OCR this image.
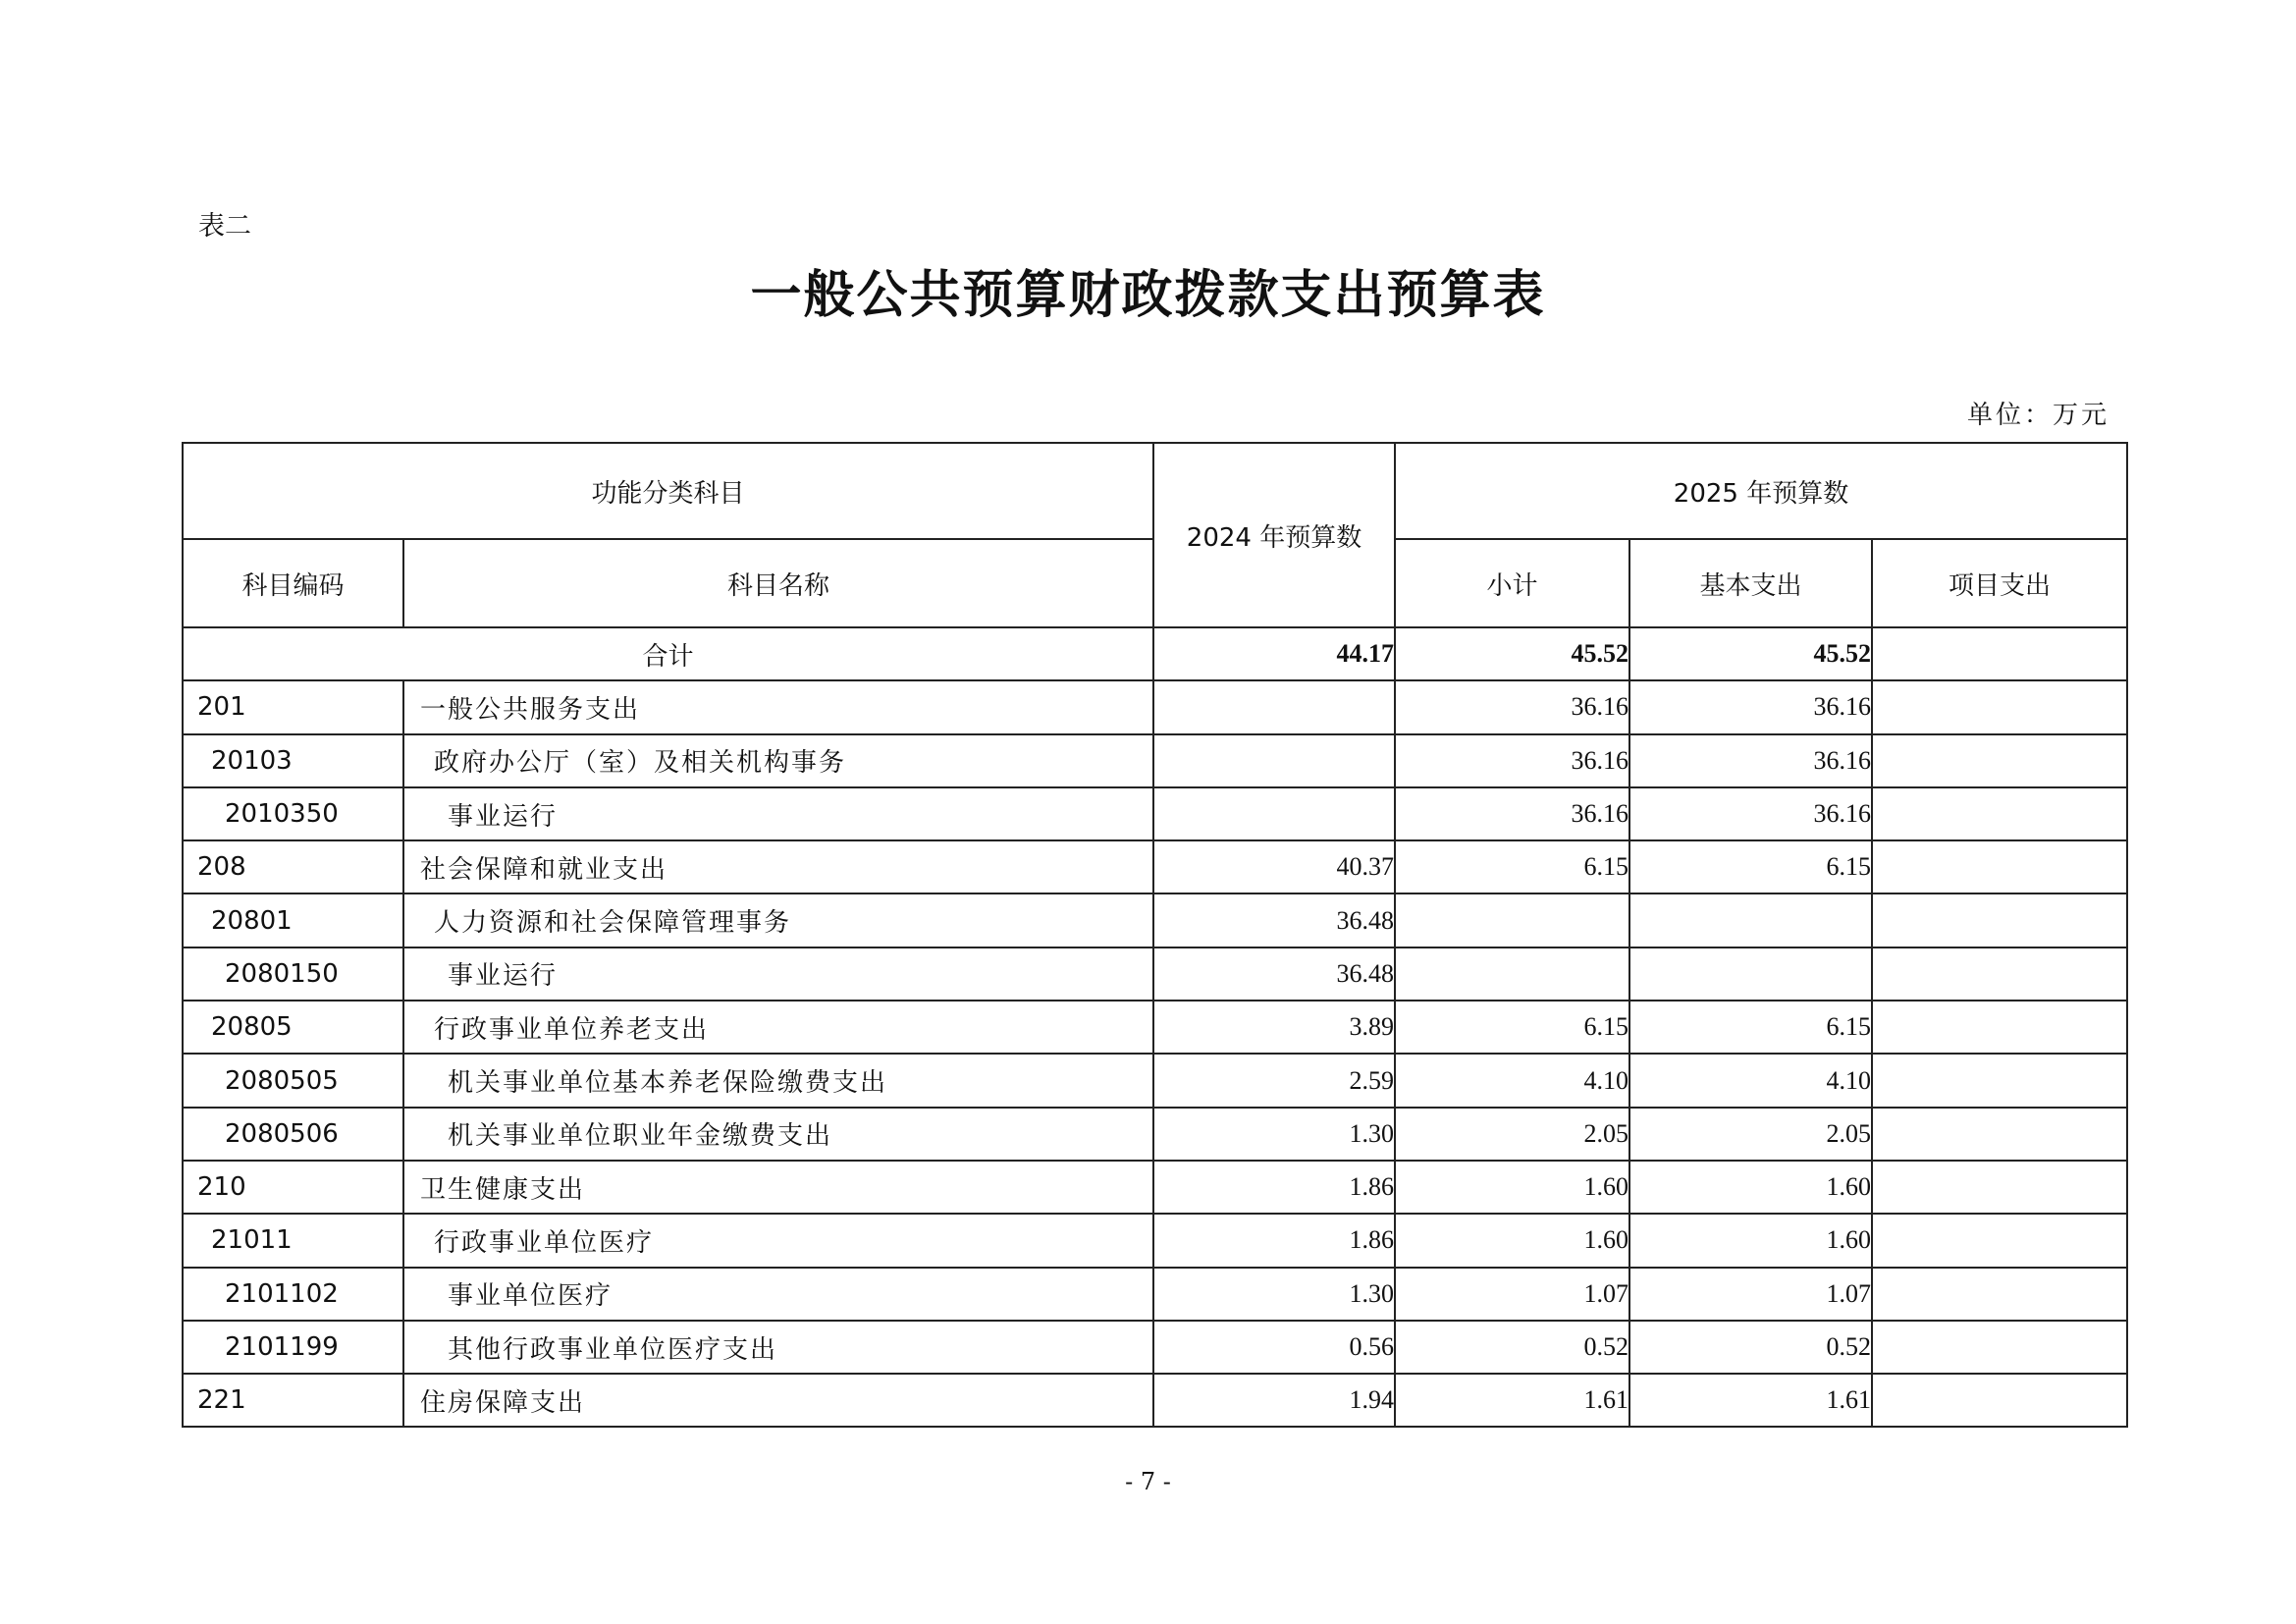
表二
一般公共预算财政拨款支出预算表
单位：万元
功能分类科目		2024 年预算数	2025 年预算数		
科目编码	科目名称		小计	基本支出	项目支出
合计		44.17	45.52	45.52	
201	一般公共服务支出		36.16	36.16	
20103	政府办公厅（室）及相关机构事务		36.16	36.16	
2010350	事业运行		36.16	36.16	
208	社会保障和就业支出	40.37	6.15	6.15	
20801	人力资源和社会保障管理事务	36.48			
2080150	事业运行	36.48			
20805	行政事业单位养老支出	3.89	6.15	6.15	
2080505	机关事业单位基本养老保险缴费支出	2.59	4.10	4.10	
2080506	机关事业单位职业年金缴费支出	1.30	2.05	2.05	
210	卫生健康支出	1.86	1.60	1.60	
21011	行政事业单位医疗	1.86	1.60	1.60	
2101102	事业单位医疗	1.30	1.07	1.07	
2101199	其他行政事业单位医疗支出	0.56	0.52	0.52	
221	住房保障支出	1.94	1.61	1.61	
- 7 -
